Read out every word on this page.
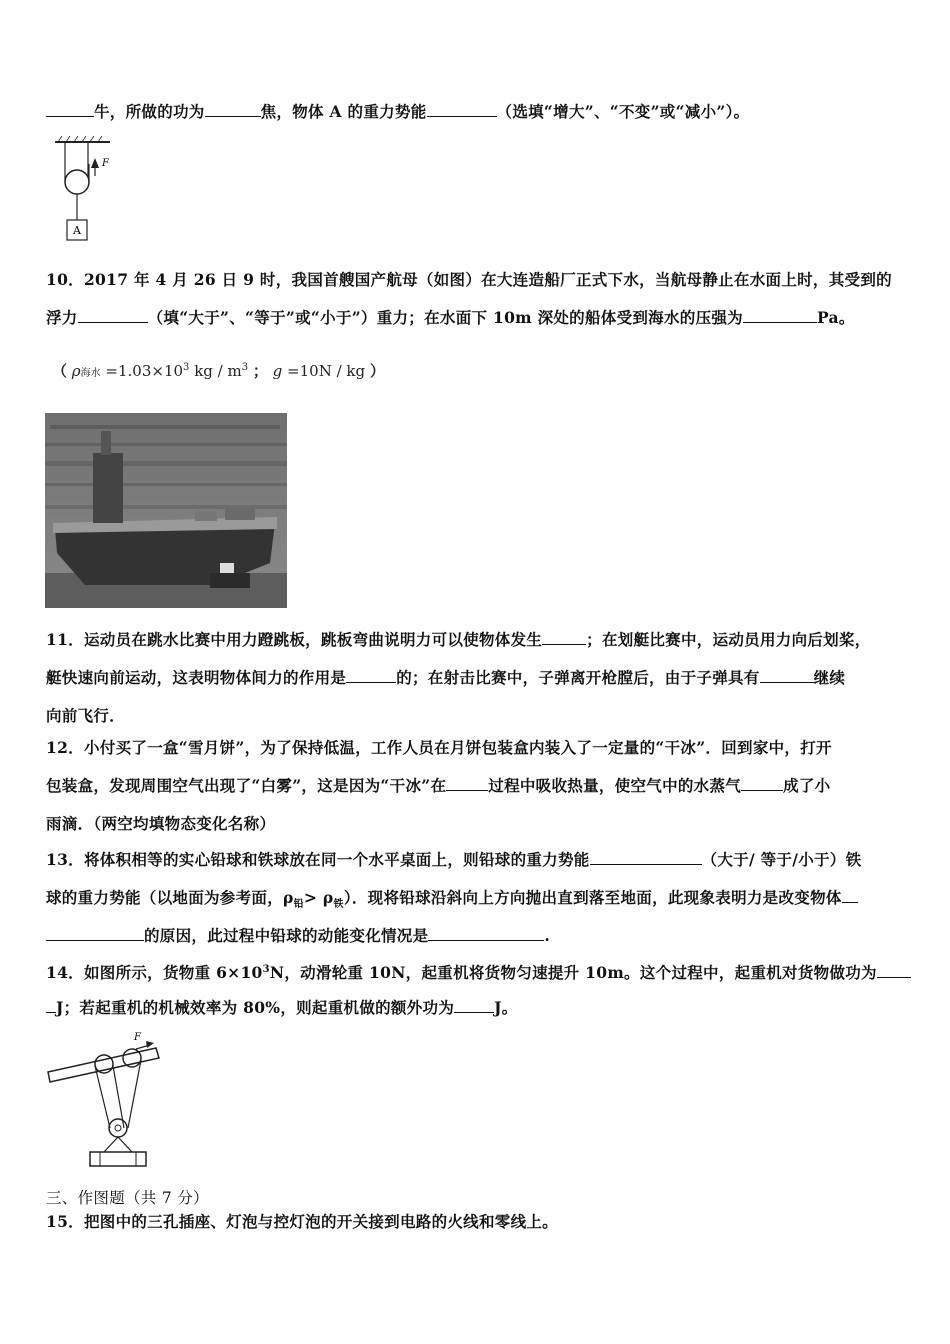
牛，所做的功为	焦，物体 A 的重力势能	（选填“增大”、“不变”或“减小”）。
F
A
10．2017 年 4 月 26 日 9 时，我国首艘国产航母（如图）在大连造船厂正式下水，当航母静止在水面上时，其受到的
浮力	（填“大于”、“等于”或“小于”）重力；在水面下 10m 深处的船体受到海水的压强为	Pa。
（ ρ海水 $=1.03\times 10^3$ kg / $m^3$ ； g =10N / kg ）
11．运动员在跳水比赛中用力蹬跳板，跳板弯曲说明力可以使物体发生	；在划艇比赛中，运动员用力向后划桨，
艇快速向前运动，这表明物体间力的作用是	的；在射击比赛中，子弹离开枪膛后，由于子弹具有	继续
向前飞行．
12．小付买了一盒“雪月饼”，为了保持低温，工作人员在月饼包装盒内装入了一定量的“干冰”．回到家中，打开
包装盒，发现周围空气出现了“白雾”，这是因为“干冰”在	过程中吸收热量，使空气中的水蒸气	成了小
雨滴．（两空均填物态变化名称）
13．将体积相等的实心铅球和铁球放在同一个水平桌面上，则铅球的重力势能	（大于/ 等于/小于）铁
球的重力势能（以地面为参考面，$\rho_铅> \rho_铁$）．现将铅球沿斜向上方向抛出直到落至地面，此现象表明力是改变物体
的原因，此过程中铅球的动能变化情况是	.
14．如图所示，货物重 $6\times 10^3N$，动滑轮重 10N，起重机将货物匀速提升 10m。这个过程中，起重机对货物做功为
J；若起重机的机械效率为 80%，则起重机做的额外功为	J。
F
三、作图题（共 7 分）
15．把图中的三孔插座、灯泡与控灯泡的开关接到电路的火线和零线上。
